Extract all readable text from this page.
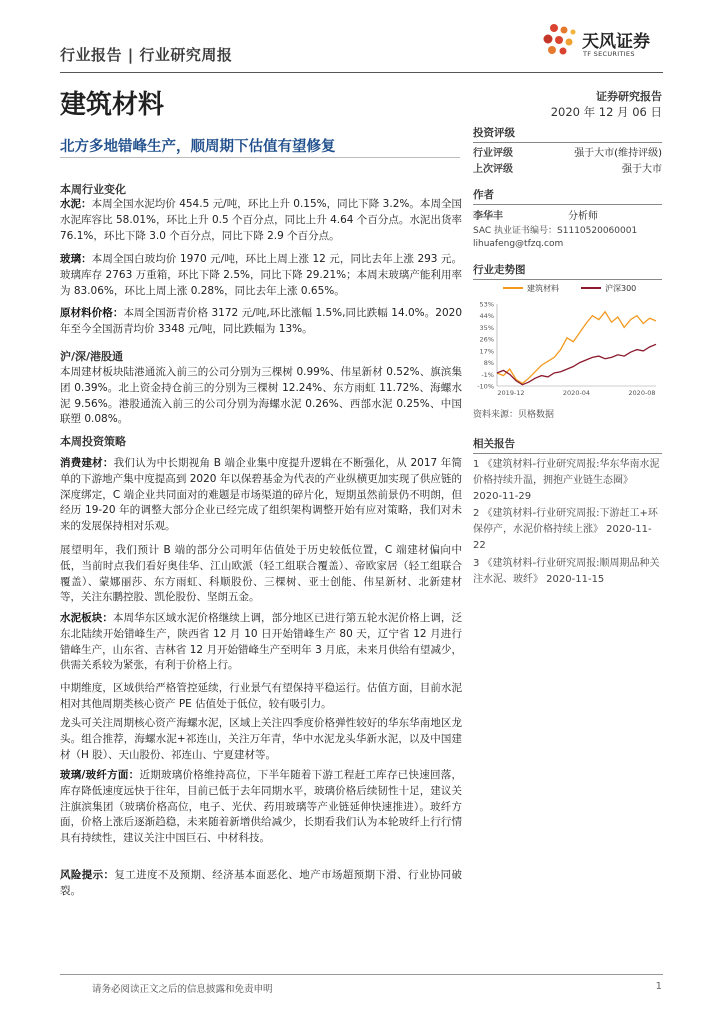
行业报告 | 行业研究周报
天风证券
TF SECURITIES
建筑材料	证券研究报告
2020 年 12 月 06 日
北方多地错峰生产，顺周期下估值有望修复
本周行业变化
水泥：本周全国水泥均价 454.5 元/吨，环比上升 0.15%，同比下降 3.2%。本周全国水泥库容比 58.01%，环比上升 0.5 个百分点，同比上升 4.64 个百分点。水泥出货率 76.1%，环比下降 3.0 个百分点，同比下降 2.9 个百分点。
玻璃：本周全国白玻均价 1970 元/吨，环比上周上涨 12 元，同比去年上涨 293 元。玻璃库存 2763 万重箱，环比下降 2.5%，同比下降 29.21%；本周末玻璃产能利用率为 83.06%，环比上周上涨 0.28%，同比去年上涨 0.65%。
原材料价格：本周全国沥青价格 3172 元/吨,环比涨幅 1.5%,同比跌幅 14.0%。2020 年至今全国沥青均价 3348 元/吨，同比跌幅为 13%。
沪/深/港股通
本周建材板块陆港通流入前三的公司分别为三棵树 0.99%、伟星新材 0.52%、旗滨集团 0.39%。北上资金持仓前三的分别为三棵树 12.24%、东方雨虹 11.72%、海螺水泥 9.56%。港股通流入前三的公司分别为海螺水泥 0.26%、西部水泥 0.25%、中国联塑 0.08%。
本周投资策略
消费建材：我们认为中长期视角 B 端企业集中度提升逻辑在不断强化，从 2017 年简单的下游地产集中度提高到 2020 年以保碧基金为代表的产业纵横更加实现了供应链的深度绑定，C 端企业共同面对的难题是市场渠道的碎片化，短期虽然前景仍不明朗，但经历 19-20 年的调整大部分企业已经完成了组织架构调整开始有应对策略，我们对未来的发展保持相对乐观。
展望明年，我们预计 B 端的部分公司明年估值处于历史较低位置，C 端建材偏向中低，当前时点我们看好奥佳华、江山欧派（轻工组联合覆盖）、帝欧家居（轻工组联合覆盖）、蒙娜丽莎、东方雨虹、科顺股份、三棵树、亚士创能、伟星新材、北新建材等，关注东鹏控股、凯伦股份、坚朗五金。
水泥板块：本周华东区域水泥价格继续上调，部分地区已进行第五轮水泥价格上调，泛东北陆续开始错峰生产，陕西省 12 月 10 日开始错峰生产 80 天，辽宁省 12 月进行错峰生产，山东省、吉林省 12 月开始错峰生产至明年 3 月底，未来月供给有望减少，供需关系较为紧张，有利于价格上行。
中期维度，区域供给严格管控延续，行业景气有望保持平稳运行。估值方面，目前水泥相对其他周期类核心资产 PE 估值处于低位，较有吸引力。
龙头可关注周期核心资产海螺水泥，区域上关注四季度价格弹性较好的华东华南地区龙头。组合推荐，海螺水泥+祁连山，关注万年青，华中水泥龙头华新水泥，以及中国建材（H 股）、天山股份、祁连山、宁夏建材等。
玻璃/玻纤方面：近期玻璃价格维持高位，下半年随着下游工程赶工库存已快速回落，库存降低速度远快于往年，目前已低于去年同期水平，玻璃价格后续韧性十足，建议关注旗滨集团（玻璃价格高位，电子、光伏、药用玻璃等产业链延伸快速推进）。玻纤方面，价格上涨后逐渐趋稳，未来随着新增供给减少，长期看我们认为本轮玻纤上行行情具有持续性，建议关注中国巨石、中材科技。
风险提示：复工进度不及预期、经济基本面恶化、地产市场超预期下滑、行业协同破裂。
投资评级
行业评级	强于大市(维持评级)
上次评级	强于大市
作者
李华丰	分析师
SAC 执业证书编号：S1110520060001
lihuafeng@tfzq.com
行业走势图
建筑材料	沪深300
53%
44%
35%
26%
17%
8%
-1%
-10%
2019-12	2020-04	2020-08
资料来源：贝格数据
相关报告
1 《建筑材料-行业研究周报:华东华南水泥价格持续升温，拥抱产业链生态圈》 2020-11-29
2 《建筑材料-行业研究周报:下游赶工+环保停产，水泥价格持续上涨》 2020-11-22
3 《建筑材料-行业研究周报:顺周期品种关注水泥、玻纤》 2020-11-15
请务必阅读正文之后的信息披露和免责申明	1
